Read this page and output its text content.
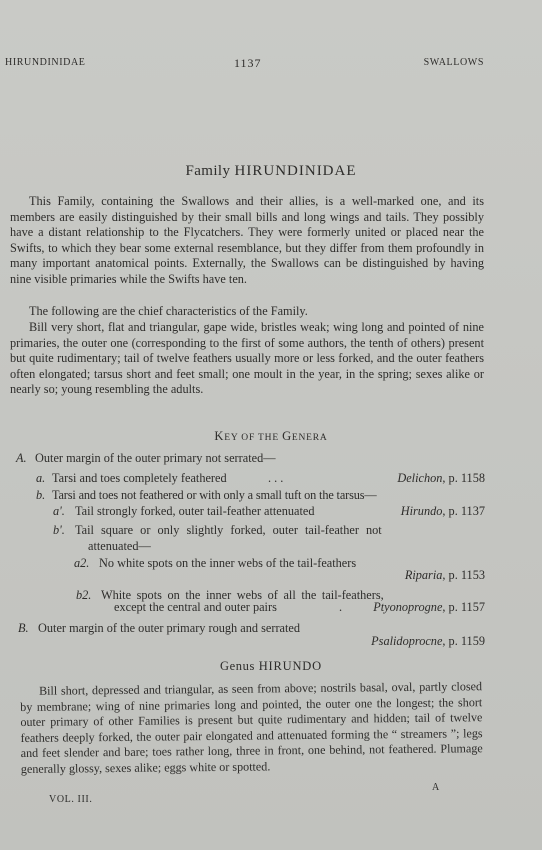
HIRUNDINIDAE	1137	SWALLOWS
Family HIRUNDINIDAE

This Family, containing the Swallows and their allies, is a well-marked one, and its members are easily distinguished by their small bills and long wings and tails. They possibly have a distant relationship to the Flycatchers. They were formerly united or placed near the Swifts, to which they bear some external resemblance, but they differ from them profoundly in many important anatomical points. Externally, the Swallows can be distinguished by having nine visible primaries while the Swifts have ten.

The following are the chief characteristics of the Family.

Bill very short, flat and triangular, gape wide, bristles weak; wing long and pointed of nine primaries, the outer one (corresponding to the first of some authors, the tenth of others) present but quite rudimentary; tail of twelve feathers usually more or less forked, and the outer feathers often elongated; tarsus short and feet small; one moult in the year, in the spring; sexes alike or nearly so; young resembling the adults.

KEY OF THE GENERA
A. Outer margin of the outer primary not serrated—
a. Tarsi and toes completely feathered	. . .	Delichon, p. 1158
b. Tarsi and toes not feathered or with only a small tuft on the tarsus—
a'. Tail strongly forked, outer tail-feather attenuated	Hirundo, p. 1137
b'. Tail square or only slightly forked, outer tail-feather not
attenuated—
a2. No white spots on the inner webs of the tail-feathers
Riparia, p. 1153
b2. White spots on the inner webs of all the tail-feathers,
except the central and outer pairs	.	Ptyonoprogne, p. 1157
B. Outer margin of the outer primary rough and serrated
Psalidoprocne, p. 1159
Genus HIRUNDO

Bill short, depressed and triangular, as seen from above; nostrils basal, oval, partly closed by membrane; wing of nine primaries long and pointed, the outer one the longest; the short outer primary of other Families is present but quite rudimentary and hidden; tail of twelve feathers deeply forked, the outer pair elongated and attenuated forming the “ streamers ”; legs and feet slender and bare; toes rather long, three in front, one behind, not feathered. Plumage generally glossy, sexes alike; eggs white or spotted.

VOL. III.
A
